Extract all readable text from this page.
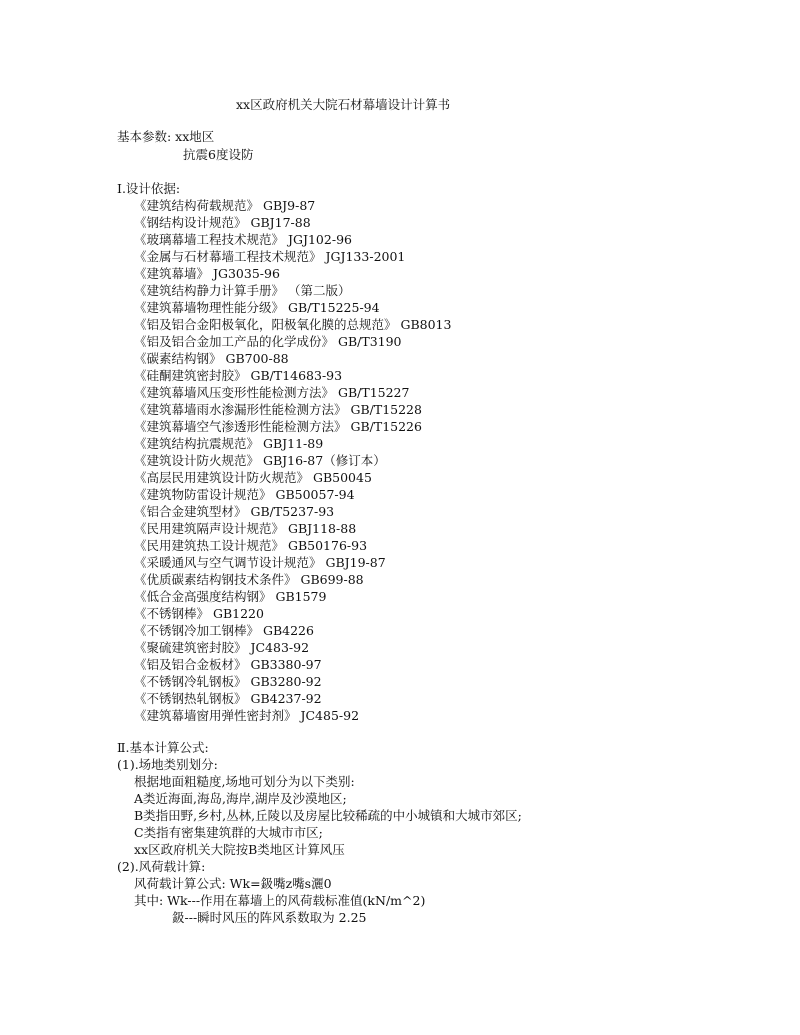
xx区政府机关大院石材幕墙设计计算书
基本参数: xx地区
抗震6度设防
Ⅰ.设计依据:
《建筑结构荷载规范》 GBJ9-87
《钢结构设计规范》 GBJ17-88
《玻璃幕墙工程技术规范》 JGJ102-96
《金属与石材幕墙工程技术规范》 JGJ133-2001
《建筑幕墙》 JG3035-96
《建筑结构静力计算手册》 （第二版）
《建筑幕墙物理性能分级》 GB/T15225-94
《铝及铝合金阳极氧化，阳极氧化膜的总规范》 GB8013
《铝及铝合金加工产品的化学成份》 GB/T3190
《碳素结构钢》 GB700-88
《硅酮建筑密封胶》 GB/T14683-93
《建筑幕墙风压变形性能检测方法》 GB/T15227
《建筑幕墙雨水渗漏形性能检测方法》 GB/T15228
《建筑幕墙空气渗透形性能检测方法》 GB/T15226
《建筑结构抗震规范》 GBJ11-89
《建筑设计防火规范》 GBJ16-87（修订本）
《高层民用建筑设计防火规范》 GB50045
《建筑物防雷设计规范》 GB50057-94
《铝合金建筑型材》 GB/T5237-93
《民用建筑隔声设计规范》 GBJ118-88
《民用建筑热工设计规范》 GB50176-93
《采暖通风与空气调节设计规范》 GBJ19-87
《优质碳素结构钢技术条件》 GB699-88
《低合金高强度结构钢》 GB1579
《不锈钢棒》 GB1220
《不锈钢冷加工钢棒》 GB4226
《聚硫建筑密封胶》 JC483-92
《铝及铝合金板材》 GB3380-97
《不锈钢冷轧钢板》 GB3280-92
《不锈钢热轧钢板》 GB4237-92
《建筑幕墙窗用弹性密封剂》 JC485-92
Ⅱ.基本计算公式:
(1).场地类别划分:
根据地面粗糙度,场地可划分为以下类别:
A类近海面,海岛,海岸,湖岸及沙漠地区;
B类指田野,乡村,丛林,丘陵以及房屋比较稀疏的中小城镇和大城市郊区;
C类指有密集建筑群的大城市市区;
xx区政府机关大院按B类地区计算风压
(2).风荷载计算:
风荷载计算公式: Wk=鈒嘴z嘴s灑0
其中: Wk---作用在幕墙上的风荷载标准值(kN/m^2)
鈒---瞬时风压的阵风系数取为 2.25
